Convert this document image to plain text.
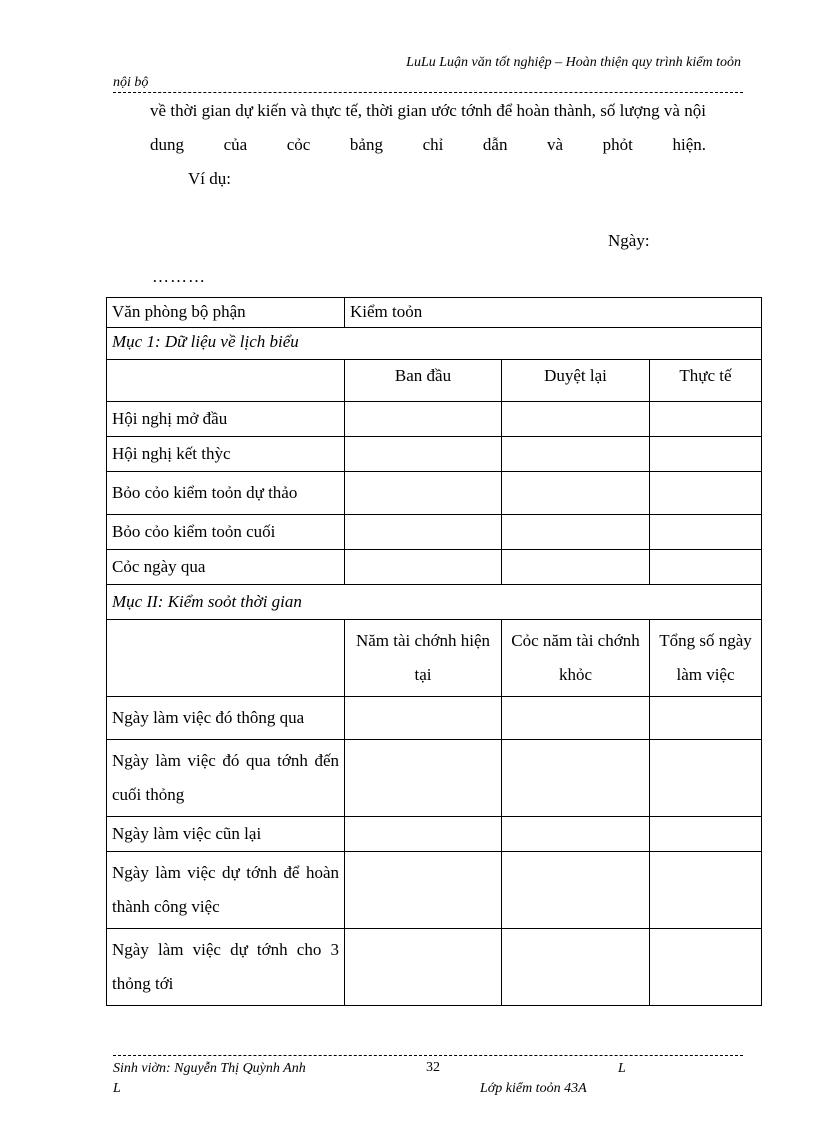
LuLu Luận văn tốt nghiệp – Hoàn thiện quy trình kiểm toỏn
nội bộ
về thời gian dự kiến và thực tế, thời gian ước tớnh để hoàn thành, số lượng và nội dung của cỏc bảng chỉ dẫn và phỏt hiện.
Ví dụ:
Ngày:
………
Văn phòng bộ phận	Kiểm toỏn		
Mục 1: Dữ liệu về lịch biểu			
	Ban đầu	Duyệt lại	Thực tế
Hội nghị mở đầu			
Hội nghị kết thỳc			
Bỏo cỏo kiểm toỏn dự thảo			
Bỏo cỏo kiểm toỏn cuối			
Cỏc ngày qua			
Mục II: Kiểm soỏt thời gian			
	Năm tài chớnh hiện tại	Cỏc năm tài chớnh khỏc	Tổng số ngày làm việc
Ngày làm việc đó thông qua			
Ngày làm việc đó qua tớnh đến cuối thỏng			
Ngày làm việc cũn lại			
Ngày làm việc dự tớnh để hoàn thành công việc			
Ngày làm việc dự tớnh cho 3 thỏng tới			
Sinh viờn: Nguyễn Thị Quỳnh Anh	32	L
L	Lớp kiểm toỏn 43A
